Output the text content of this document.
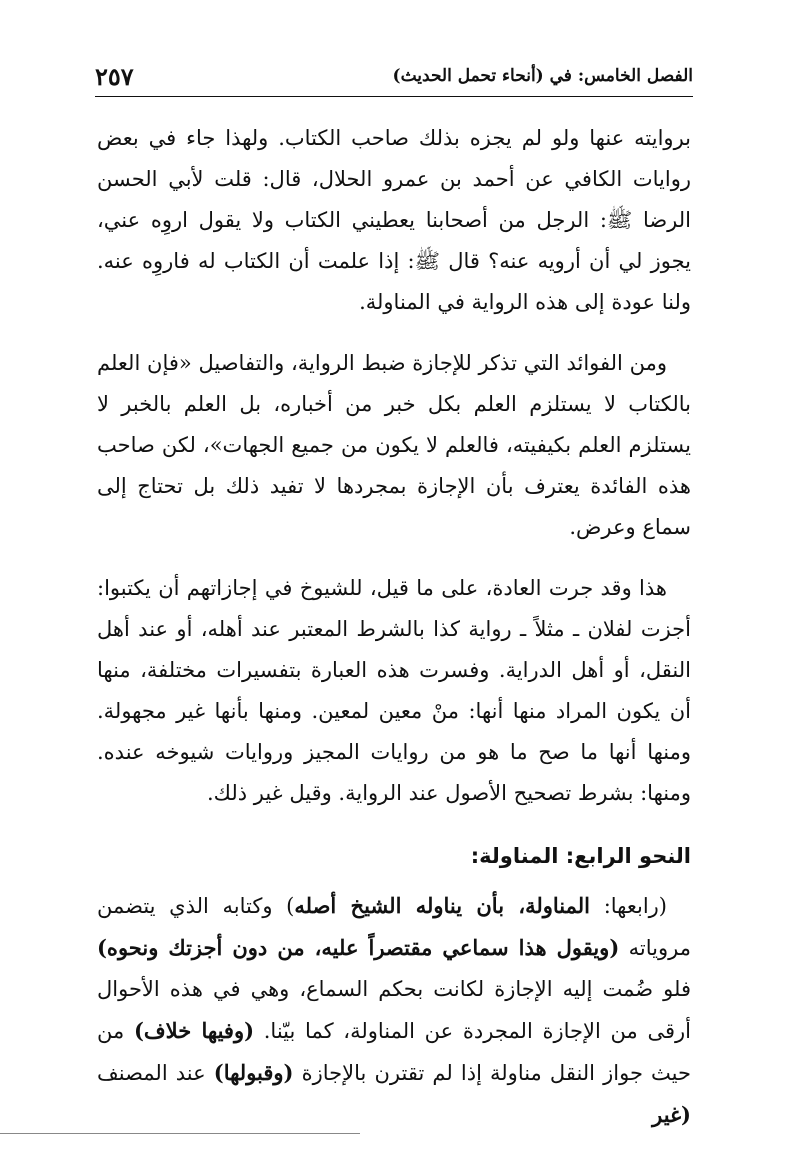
الفصل الخامس: في (أنحاء تحمل الحديث)
٢٥٧

بروايته عنها ولو لم يجزه بذلك صاحب الكتاب. ولهذا جاء في بعض روايات الكافي عن أحمد بن عمرو الحلال، قال: قلت لأبي الحسن الرضا ﷺ: الرجل من أصحابنا يعطيني الكتاب ولا يقول اروِه عني، يجوز لي أن أرويه عنه؟ قال ﷺ: إذا علمت أن الكتاب له فاروِه عنه. ولنا عودة إلى هذه الرواية في المناولة.

ومن الفوائد التي تذكر للإجازة ضبط الرواية، والتفاصيل «فإن العلم بالكتاب لا يستلزم العلم بكل خبر من أخباره، بل العلم بالخبر لا يستلزم العلم بكيفيته، فالعلم لا يكون من جميع الجهات»، لكن صاحب هذه الفائدة يعترف بأن الإجازة بمجردها لا تفيد ذلك بل تحتاج إلى سماع وعرض.

هذا وقد جرت العادة، على ما قيل، للشيوخ في إجازاتهم أن يكتبوا: أجزت لفلان ـ مثلاً ـ رواية كذا بالشرط المعتبر عند أهله، أو عند أهل النقل، أو أهل الدراية. وفسرت هذه العبارة بتفسيرات مختلفة، منها أن يكون المراد منها أنها: منْ معين لمعين. ومنها بأنها غير مجهولة. ومنها أنها ما صح ما هو من روايات المجيز وروايات شيوخه عنده. ومنها: بشرط تصحيح الأصول عند الرواية. وقيل غير ذلك.

النحو الرابع: المناولة:

(رابعها: المناولة، بأن يناوله الشيخ أصله) وكتابه الذي يتضمن مروياته (ويقول هذا سماعي مقتصراً عليه، من دون أجزتك ونحوه) فلو ضُمت إليه الإجازة لكانت بحكم السماع، وهي في هذه الأحوال أرقى من الإجازة المجردة عن المناولة، كما بيّنا. (وفيها خلاف) من حيث جواز النقل مناولة إذا لم تقترن بالإجازة (وقبولها) عند المصنف (غير
